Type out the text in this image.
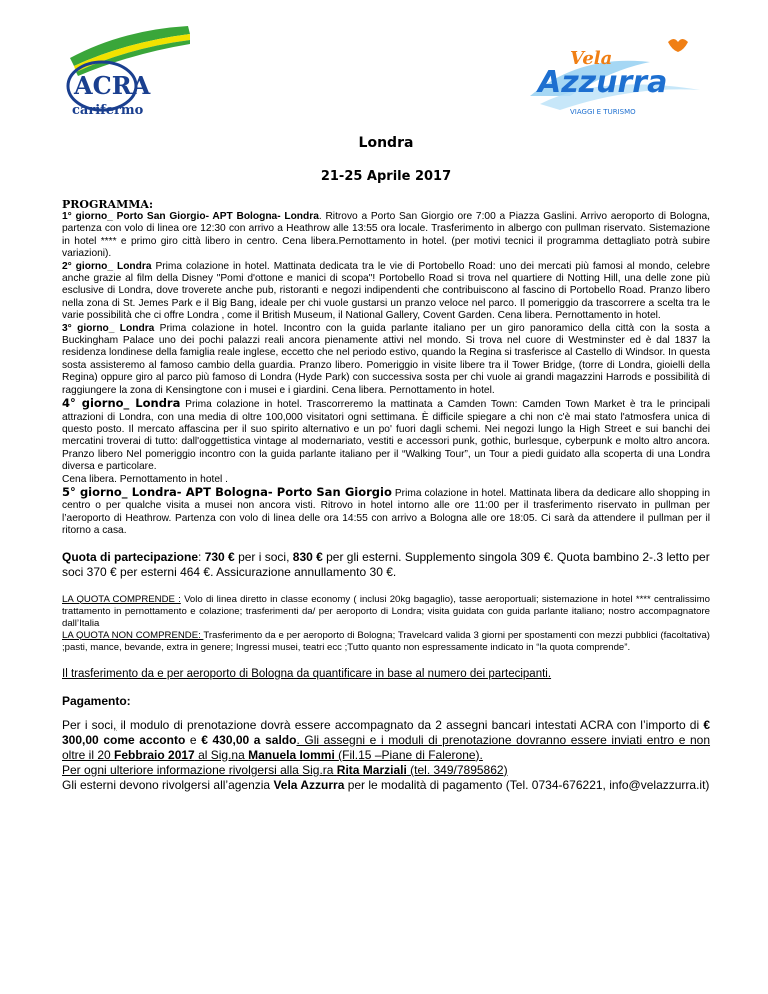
ACRA
carifermo
Vela
Azzurra
VIAGGI E TURISMO
Londra
21-25 Aprile 2017
PROGRAMMA:

1° giorno_ Porto San Giorgio- APT Bologna- Londra. Ritrovo a Porto San Giorgio ore 7:00 a Piazza Gaslini. Arrivo aeroporto di Bologna, partenza con volo di linea ore 12:30 con arrivo a Heathrow alle 13:55 ora locale. Trasferimento in albergo con pullman riservato. Sistemazione in hotel **** e primo giro città libero in centro. Cena libera.Pernottamento in hotel. (per motivi tecnici il programma dettagliato potrà subire variazioni).

2° giorno_ Londra Prima colazione in hotel. Mattinata dedicata tra le vie di Portobello Road: uno dei mercati più famosi al mondo, celebre anche grazie al film della Disney "Pomi d'ottone e manici di scopa"! Portobello Road si trova nel quartiere di Notting Hill, una delle zone più esclusive di Londra, dove troverete anche pub, ristoranti e negozi indipendenti che contribuiscono al fascino di Portobello Road. Pranzo libero nella zona di St. Jemes Park e il Big Bang, ideale per chi vuole gustarsi un pranzo veloce nel parco. Il pomeriggio da trascorrere a scelta tra le varie possibilità che ci offre Londra , come il British Museum, il National Gallery, Covent Garden. Cena libera. Pernottamento in hotel.

3° giorno_ Londra Prima colazione in hotel. Incontro con la guida parlante italiano per un giro panoramico della città con la sosta a Buckingham Palace uno dei pochi palazzi reali ancora pienamente attivi nel mondo. Si trova nel cuore di Westminster ed è dal 1837 la residenza londinese della famiglia reale inglese, eccetto che nel periodo estivo, quando la Regina si trasferisce al Castello di Windsor. In questa sosta assisteremo al famoso cambio della guardia. Pranzo libero. Pomeriggio in visite libere tra il Tower Bridge, (torre di Londra, gioielli della Regina) oppure giro al parco più famoso di Londra (Hyde Park) con successiva sosta per chi vuole ai grandi magazzini Harrods e possibilità di raggiungere la zona di Kensingtone con i musei e i giardini. Cena libera. Pernottamento in hotel.

4° giorno_ Londra Prima colazione in hotel. Trascorreremo la mattinata a Camden Town: Camden Town Market è tra le principali attrazioni di Londra, con una media di oltre 100,000 visitatori ogni settimana. È difficile spiegare a chi non c'è mai stato l'atmosfera unica di questo posto. Il mercato affascina per il suo spirito alternativo e un po' fuori dagli schemi. Nei negozi lungo la High Street e sui banchi dei mercatini troverai di tutto: dall'oggettistica vintage al modernariato, vestiti e accessori punk, gothic, burlesque, cyberpunk e molto altro ancora. Pranzo libero Nel pomeriggio incontro con la guida parlante italiano per il “Walking Tour”, un Tour a piedi guidato alla scoperta di una Londra diversa e particolare.
Cena libera. Pernottamento in hotel .

5° giorno_ Londra- APT Bologna- Porto San Giorgio Prima colazione in hotel. Mattinata libera da dedicare allo shopping in centro o per qualche visita a musei non ancora visti. Ritrovo in hotel intorno alle ore 11:00 per il trasferimento riservato in pullman per l’aeroporto di Heathrow. Partenza con volo di linea delle ora 14:55 con arrivo a Bologna alle ore 18:05. Ci sarà da attendere il pullman per il ritorno a casa.

Quota di partecipazione: 730 € per i soci, 830 € per gli esterni. Supplemento singola 309 €. Quota bambino 2-.3 letto per soci 370 € per esterni 464 €. Assicurazione annullamento 30 €.

LA QUOTA COMPRENDE : Volo di linea diretto in classe economy ( inclusi 20kg bagaglio), tasse aeroportuali; sistemazione in hotel **** centralissimo trattamento in pernottamento e colazione; trasferimenti da/ per aeroporto di Londra; visita guidata con guida parlante italiano; nostro accompagnatore dall’Italia
LA QUOTA NON COMPRENDE: Trasferimento da e per aeroporto di Bologna; Travelcard valida 3 giorni per spostamenti con mezzi pubblici (facoltativa) ;pasti, mance, bevande, extra in genere; Ingressi musei, teatri ecc ;Tutto quanto non espressamente indicato in “la quota comprende”.

Il trasferimento da e per aeroporto di Bologna da quantificare in base al numero dei partecipanti.

Pagamento:

Per i soci, il modulo di prenotazione dovrà essere accompagnato da 2 assegni bancari intestati ACRA con l’importo di € 300,00 come acconto e € 430,00 a saldo. Gli assegni e i moduli di prenotazione dovranno essere inviati entro e non oltre il 20 Febbraio 2017 al Sig.na Manuela Iommi (Fil.15 –Piane di Falerone).
Per ogni ulteriore informazione rivolgersi alla Sig.ra Rita Marziali (tel. 349/7895862)
Gli esterni devono rivolgersi all’agenzia Vela Azzurra per le modalità di pagamento (Tel. 0734-676221, info@velazzurra.it)
